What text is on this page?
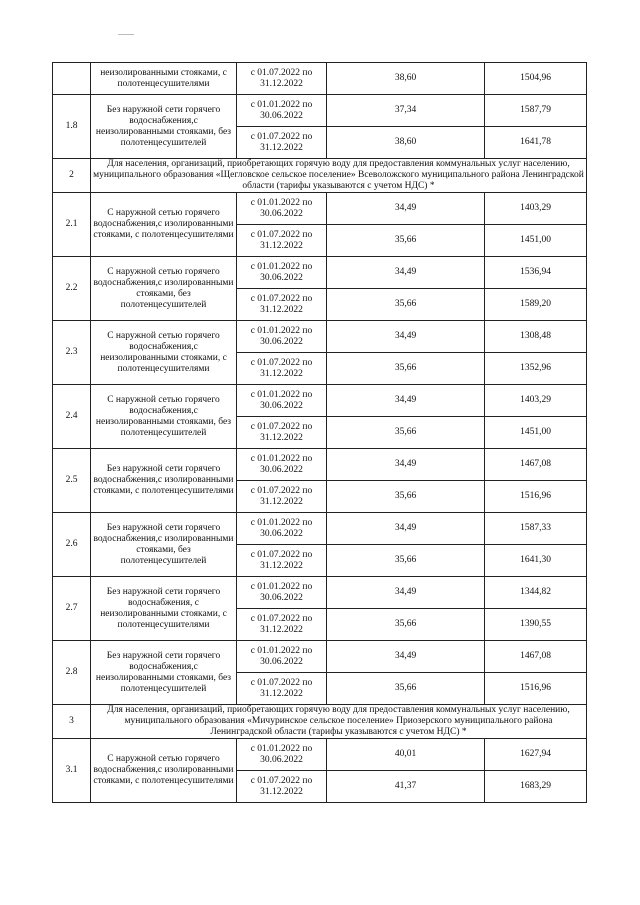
	неизолированными стояками, с полотенцесушителями	с 01.07.2022 по 31.12.2022	38,60	1504,96
1.8	Без наружной сети горячего водоснабжения,с неизолированными стояками, без полотенцесушителей	с 01.01.2022 по 30.06.2022	37,34	1587,79
		с 01.07.2022 по 31.12.2022	38,60	1641,78
2	Для населения, организаций, приобретающих горячую воду для предоставления коммунальных услуг населению, муниципального образования «Щегловское сельское поселение» Всеволожского муниципального района Ленинградской области (тарифы указываются с учетом НДС) *			
2.1	С наружной сетью горячего водоснабжения,с изолированными стояками, с полотенцесушителями	с 01.01.2022 по 30.06.2022	34,49	1403,29
		с 01.07.2022 по 31.12.2022	35,66	1451,00
2.2	С наружной сетью горячего водоснабжения,с изолированными стояками, без полотенцесушителей	с 01.01.2022 по 30.06.2022	34,49	1536,94
		с 01.07.2022 по 31.12.2022	35,66	1589,20
2.3	С наружной сетью горячего водоснабжения,с неизолированными стояками, с полотенцесушителями	с 01.01.2022 по 30.06.2022	34,49	1308,48
		с 01.07.2022 по 31.12.2022	35,66	1352,96
2.4	С наружной сетью горячего водоснабжения,с неизолированными стояками, без полотенцесушителей	с 01.01.2022 по 30.06.2022	34,49	1403,29
		с 01.07.2022 по 31.12.2022	35,66	1451,00
2.5	Без наружной сети горячего водоснабжения,с изолированными стояками, с полотенцесушителями	с 01.01.2022 по 30.06.2022	34,49	1467,08
		с 01.07.2022 по 31.12.2022	35,66	1516,96
2.6	Без наружной сети горячего водоснабжения,с изолированными стояками, без полотенцесушителей	с 01.01.2022 по 30.06.2022	34,49	1587,33
		с 01.07.2022 по 31.12.2022	35,66	1641,30
2.7	Без наружной сети горячего водоснабжения, с неизолированными стояками, с полотенцесушителями	с 01.01.2022 по 30.06.2022	34,49	1344,82
		с 01.07.2022 по 31.12.2022	35,66	1390,55
2.8	Без наружной сети горячего водоснабжения,с неизолированными стояками, без полотенцесушителей	с 01.01.2022 по 30.06.2022	34,49	1467,08
		с 01.07.2022 по 31.12.2022	35,66	1516,96
3	Для населения, организаций, приобретающих горячую воду для предоставления коммунальных услуг населению, муниципального образования «Мичуринское сельское поселение» Приозерского муниципального района Ленинградской области (тарифы указываются с учетом НДС) *			
3.1	С наружной сетью горячего водоснабжения,с изолированными стояками, с полотенцесушителями	с 01.01.2022 по 30.06.2022	40,01	1627,94
		с 01.07.2022 по 31.12.2022	41,37	1683,29
